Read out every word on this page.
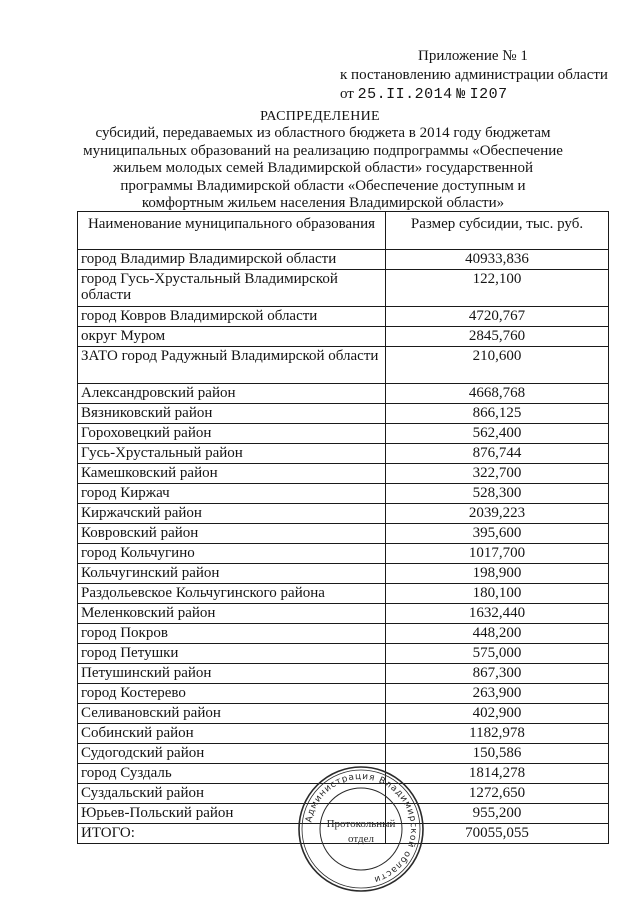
Приложение № 1
к постановлению администрации области
от 25.II.2014 № I207
РАСПРЕДЕЛЕНИЕ
субсидий, передаваемых из областного бюджета в 2014 году бюджетам муниципальных образований на реализацию подпрограммы «Обеспечение жильем молодых семей Владимирской области» государственной программы Владимирской области «Обеспечение доступным и комфортным жильем населения Владимирской области»
Наименование муниципального образования	Размер субсидии, тыс. руб.
город Владимир Владимирской области	40933,836
город Гусь-Хрустальный Владимирской области	122,100
город Ковров Владимирской области	4720,767
округ Муром	2845,760
ЗАТО город Радужный Владимирской области	210,600
Александровский район	4668,768
Вязниковский район	866,125
Гороховецкий район	562,400
Гусь-Хрустальный район	876,744
Камешковский район	322,700
город Киржач	528,300
Киржачский район	2039,223
Ковровский район	395,600
город Кольчугино	1017,700
Кольчугинский район	198,900
Раздольевское Кольчугинского района	180,100
Меленковский район	1632,440
город Покров	448,200
город Петушки	575,000
Петушинский район	867,300
город Костерево	263,900
Селивановский район	402,900
Собинский район	1182,978
Судогодский район	150,586
город Суздаль	1814,278
Суздальский район	1272,650
Юрьев-Польский район	955,200
ИТОГО:	70055,055
Администрация Владимирской области
Протокольный
отдел
